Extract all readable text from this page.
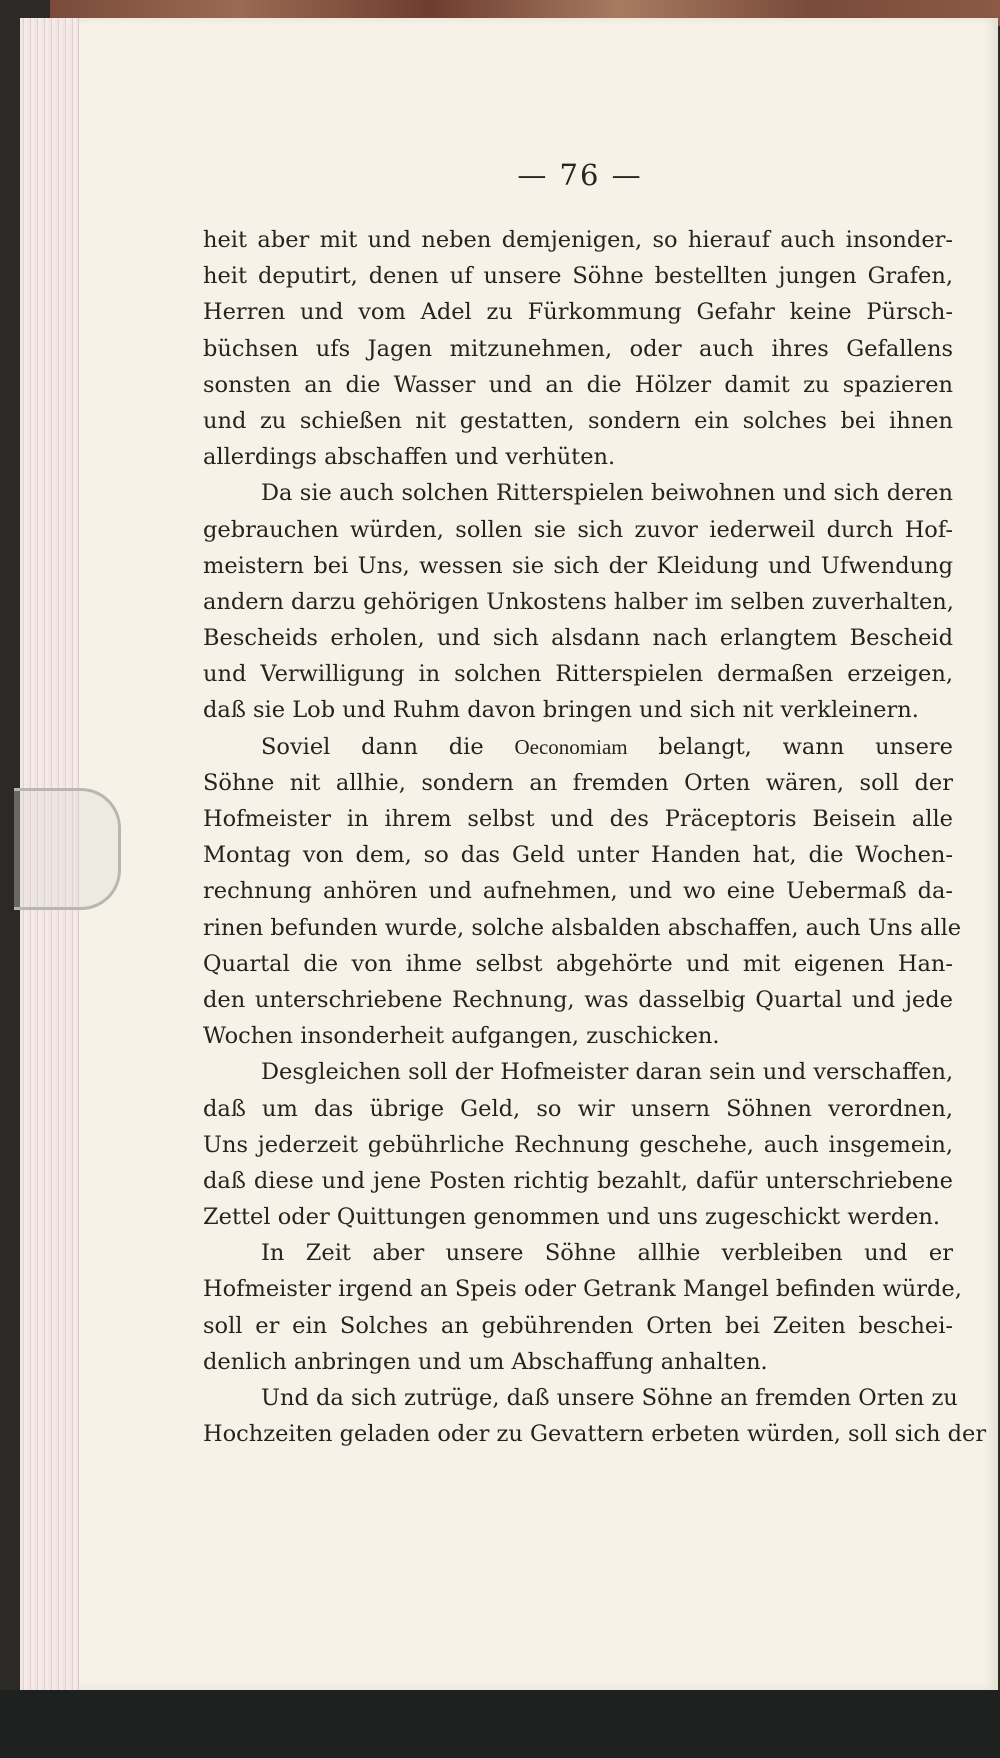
— 76 —
heit aber mit und neben demjenigen, so hierauf auch insonder-
heit deputirt, denen uf unsere Söhne bestellten jungen Grafen,
Herren und vom Adel zu Fürkommung Gefahr keine Pürsch-
büchsen ufs Jagen mitzunehmen, oder auch ihres Gefallens
sonsten an die Wasser und an die Hölzer damit zu spazieren
und zu schießen nit gestatten, sondern ein solches bei ihnen
allerdings abschaffen und verhüten.
Da sie auch solchen Ritterspielen beiwohnen und sich deren
gebrauchen würden, sollen sie sich zuvor iederweil durch Hof-
meistern bei Uns, wessen sie sich der Kleidung und Ufwendung
andern darzu gehörigen Unkostens halber im selben zuverhalten,
Bescheids erholen, und sich alsdann nach erlangtem Bescheid
und Verwilligung in solchen Ritterspielen dermaßen erzeigen,
daß sie Lob und Ruhm davon bringen und sich nit verkleinern.
Soviel dann die Oeconomiam belangt, wann unsere
Söhne nit allhie, sondern an fremden Orten wären, soll der
Hofmeister in ihrem selbst und des Präceptoris Beisein alle
Montag von dem, so das Geld unter Handen hat, die Wochen-
rechnung anhören und aufnehmen, und wo eine Uebermaß da-
rinen befunden wurde, solche alsbalden abschaffen, auch Uns alle
Quartal die von ihme selbst abgehörte und mit eigenen Han-
den unterschriebene Rechnung, was dasselbig Quartal und jede
Wochen insonderheit aufgangen, zuschicken.
Desgleichen soll der Hofmeister daran sein und verschaffen,
daß um das übrige Geld, so wir unsern Söhnen verordnen,
Uns jederzeit gebührliche Rechnung geschehe, auch insgemein,
daß diese und jene Posten richtig bezahlt, dafür unterschriebene
Zettel oder Quittungen genommen und uns zugeschickt werden.
In Zeit aber unsere Söhne allhie verbleiben und er
Hofmeister irgend an Speis oder Getrank Mangel befinden würde,
soll er ein Solches an gebührenden Orten bei Zeiten beschei-
denlich anbringen und um Abschaffung anhalten.
Und da sich zutrüge, daß unsere Söhne an fremden Orten zu
Hochzeiten geladen oder zu Gevattern erbeten würden, soll sich der
